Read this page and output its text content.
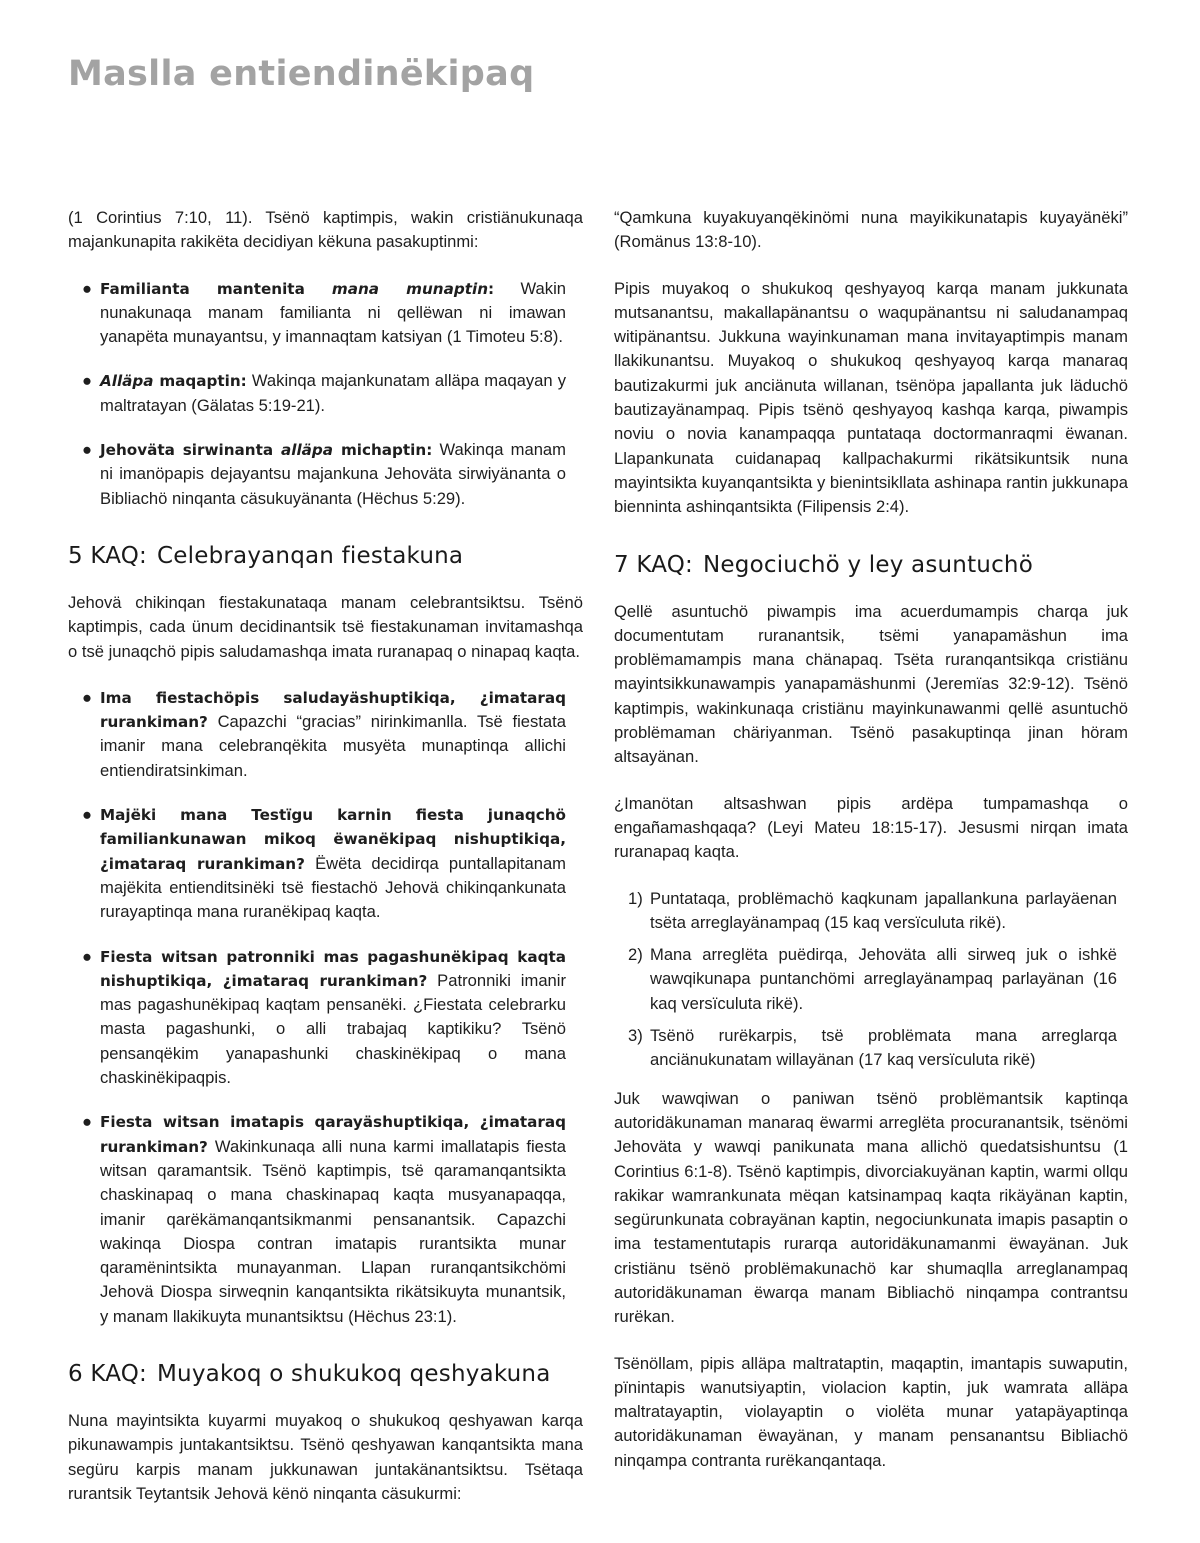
Maslla entiendinëkipaq

(1 Corintius 7:10, 11). Tsënö kaptimpis, wakin cristiänukunaqa majankunapita rakikëta decidiyan këkuna pasakuptinmi:

● Familianta mantenita mana munaptin: Wakin nunakunaqa manam familianta ni qellëwan ni imawan yanapëta munayantsu, y imannaqtam katsiyan (1 Timoteu 5:8).
● Alläpa maqaptin: Wakinqa majankunatam alläpa maqayan y maltratayan (Gälatas 5:19-21).
● Jehoväta sirwinanta alläpa michaptin: Wakinqa manam ni imanöpapis dejayantsu majankuna Jehoväta sirwiyänanta o Bibliachö ninqanta cäsukuyänanta (Hëchus 5:29).
5 KAQ: Celebrayanqan fiestakuna

Jehovä chikinqan fiestakunataqa manam celebrantsiktsu. Tsënö kaptimpis, cada ünum decidinantsik tsë fiestakunaman invitamashqa o tsë junaqchö pipis saludamashqa imata ruranapaq o ninapaq kaqta.

● Ima fiestachöpis saludayäshuptikiqa, ¿imataraq rurankiman? Capazchi “gracias” nirinkimanlla. Tsë fiestata imanir mana celebranqëkita musyëta munaptinqa allichi entiendiratsinkiman.
● Majëki mana Testïgu karnin fiesta junaqchö familiankunawan mikoq ëwanëkipaq nishuptikiqa, ¿imataraq rurankiman? Ëwëta decidirqa puntallapitanam majëkita entienditsinëki tsë fiestachö Jehovä chikinqankunata rurayaptinqa mana ruranëkipaq kaqta.
● Fiesta witsan patronniki mas pagashunëkipaq kaqta nishuptikiqa, ¿imataraq rurankiman? Patronniki imanir mas pagashunëkipaq kaqtam pensanëki. ¿Fiestata celebrarku masta pagashunki, o alli trabajaq kaptikiku? Tsënö pensanqëkim yanapashunki chaskinëkipaq o mana chaskinëkipaqpis.
● Fiesta witsan imatapis qarayäshuptikiqa, ¿imataraq rurankiman? Wakinkunaqa alli nuna karmi imallatapis fiesta witsan qaramantsik. Tsënö kaptimpis, tsë qaramanqantsikta chaskinapaq o mana chaskinapaq kaqta musyanapaqqa, imanir qarëkämanqantsikmanmi pensanantsik. Capazchi wakinqa Diospa contran imatapis rurantsikta munar qaramënintsikta munayanman. Llapan ruranqantsikchömi Jehovä Diospa sirweqnin kanqantsikta rikätsikuyta munantsik, y manam llakikuyta munantsiktsu (Hëchus 23:1).
6 KAQ: Muyakoq o shukukoq qeshyakuna

Nuna mayintsikta kuyarmi muyakoq o shukukoq qeshyawan karqa pikunawampis juntakantsiktsu. Tsënö qeshyawan kanqantsikta mana següru karpis manam jukkunawan juntakänantsiktsu. Tsëtaqa rurantsik Teytantsik Jehovä kënö ninqanta cäsukurmi:

“Qamkuna kuyakuyanqëkinömi nuna mayikikunatapis kuyayänëki” (Romänus 13:8-10).

Pipis muyakoq o shukukoq qeshyayoq karqa manam jukkunata mutsanantsu, makallapänantsu o waqupänantsu ni saludanampaq witipänantsu. Jukkuna wayinkunaman mana invitayaptimpis manam llakikunantsu. Muyakoq o shukukoq qeshyayoq karqa manaraq bautizakurmi juk anciänuta willanan, tsënöpa japallanta juk läduchö bautizayänampaq. Pipis tsënö qeshyayoq kashqa karqa, piwampis noviu o novia kanampaqqa puntataqa doctormanraqmi ëwanan. Llapankunata cuidanapaq kallpachakurmi rikätsikuntsik nuna mayintsikta kuyanqantsikta y bienintsikllata ashinapa rantin jukkunapa bienninta ashinqantsikta (Filipensis 2:4).

7 KAQ: Negociuchö y ley asuntuchö

Qellë asuntuchö piwampis ima acuerdumampis charqa juk documentutam ruranantsik, tsëmi yanapamäshun ima problëmamampis mana chänapaq. Tsëta ruranqantsikqa cristiänu mayintsikkunawampis yanapamäshunmi (Jeremïas 32:9-12). Tsënö kaptimpis, wakinkunaqa cristiänu mayinkunawanmi qellë asuntuchö problëmaman chäriyanman. Tsënö pasakuptinqa jinan höram altsayänan.

¿Imanötan altsashwan pipis ardëpa tumpamashqa o engañamashqaqa? (Leyi Mateu 18:15-17). Jesusmi nirqan imata ruranapaq kaqta.

1) Puntataqa, problëmachö kaqkunam japallankuna parlayäenan tsëta arreglayänampaq (15 kaq versïculuta rikë).
2) Mana arreglëta puëdirqa, Jehoväta alli sirweq juk o ishkë wawqikunapa puntanchömi arreglayänampaq parlayänan (16 kaq versïculuta rikë).
3) Tsënö rurëkarpis, tsë problëmata mana arreglarqa anciänukunatam willayänan (17 kaq versïculuta rikë)

Juk wawqiwan o paniwan tsënö problëmantsik kaptinqa autoridäkunaman manaraq ëwarmi arreglëta procuranantsik, tsënömi Jehoväta y wawqi panikunata mana allichö quedatsishuntsu (1 Corintius 6:1-8). Tsënö kaptimpis, divorciakuyänan kaptin, warmi ollqu rakikar wamrankunata mëqan katsinampaq kaqta rikäyänan kaptin, segürunkunata cobrayänan kaptin, negociunkunata imapis pasaptin o ima testamentutapis rurarqa autoridäkunamanmi ëwayänan. Juk cristiänu tsënö problëmakunachö kar shumaqlla arreglanampaq autoridäkunaman ëwarqa manam Bibliachö ninqampa contrantsu rurëkan.

Tsënöllam, pipis alläpa maltrataptin, maqaptin, imantapis suwaputin, pïnintapis wanutsiyaptin, violacion kaptin, juk wamrata alläpa maltratayaptin, violayaptin o violëta munar yatapäyaptinqa autoridäkunaman ëwayänan, y manam pensanantsu Bibliachö ninqampa contranta rurëkanqantaqa.
